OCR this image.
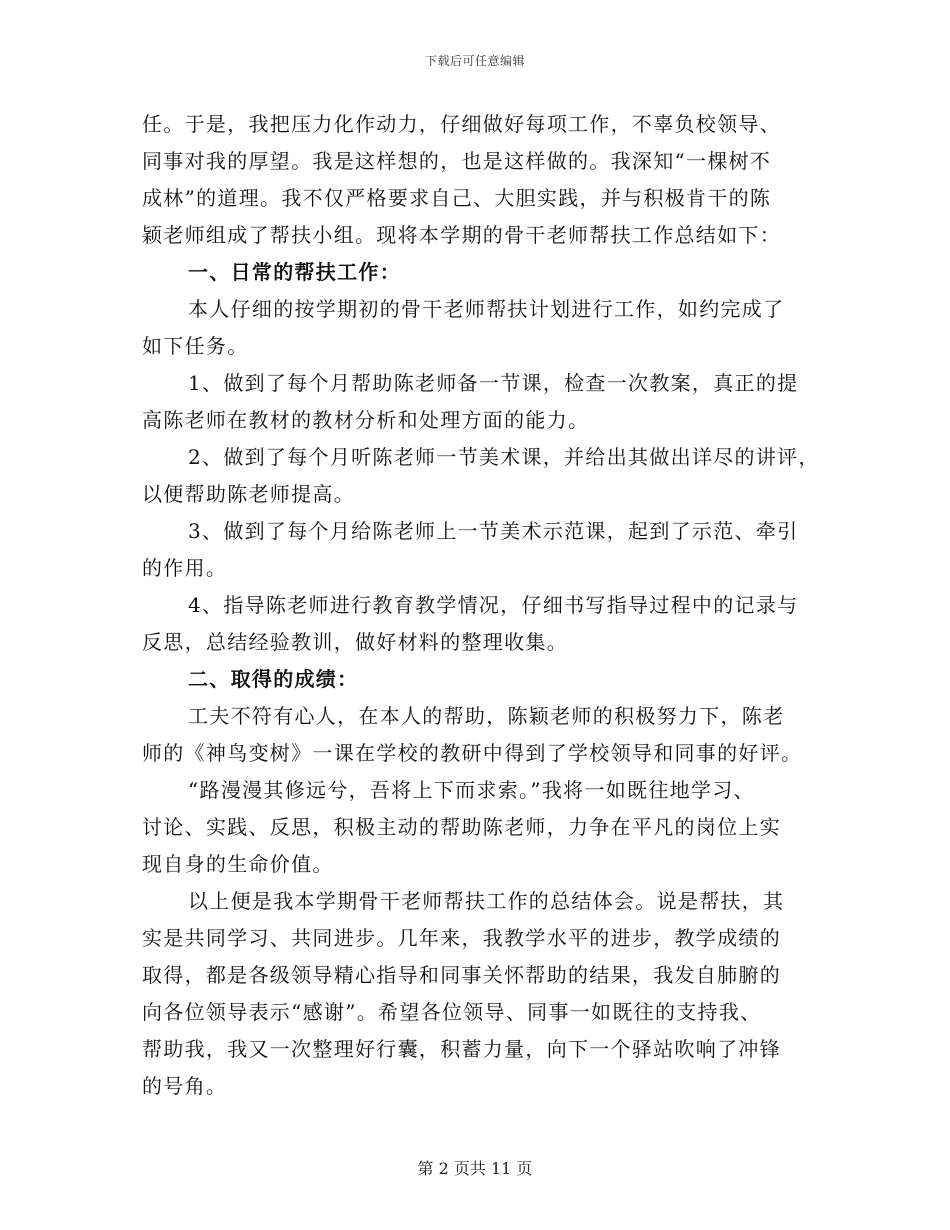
下载后可任意编辑
任。于是，我把压力化作动力，仔细做好每项工作，不辜负校领导、
同事对我的厚望。我是这样想的，也是这样做的。我深知“一棵树不
成林”的道理。我不仅严格要求自己、大胆实践，并与积极肯干的陈
颖老师组成了帮扶小组。现将本学期的骨干老师帮扶工作总结如下：
一、日常的帮扶工作：
本人仔细的按学期初的骨干老师帮扶计划进行工作，如约完成了
如下任务。
1、做到了每个月帮助陈老师备一节课，检查一次教案，真正的提
高陈老师在教材的教材分析和处理方面的能力。
2、做到了每个月听陈老师一节美术课，并给出其做出详尽的讲评，
以便帮助陈老师提高。
3、做到了每个月给陈老师上一节美术示范课，起到了示范、牵引
的作用。
4、指导陈老师进行教育教学情况，仔细书写指导过程中的记录与
反思，总结经验教训，做好材料的整理收集。
二、取得的成绩：
工夫不符有心人，在本人的帮助，陈颖老师的积极努力下，陈老
师的《神鸟变树》一课在学校的教研中得到了学校领导和同事的好评。
“路漫漫其修远兮，吾将上下而求索。”我将一如既往地学习、
讨论、实践、反思，积极主动的帮助陈老师，力争在平凡的岗位上实
现自身的生命价值。
以上便是我本学期骨干老师帮扶工作的总结体会。说是帮扶，其
实是共同学习、共同进步。几年来，我教学水平的进步，教学成绩的
取得，都是各级领导精心指导和同事关怀帮助的结果，我发自肺腑的
向各位领导表示“感谢”。希望各位领导、同事一如既往的支持我、
帮助我，我又一次整理好行囊，积蓄力量，向下一个驿站吹响了冲锋
的号角。
第 2 页共 11 页
